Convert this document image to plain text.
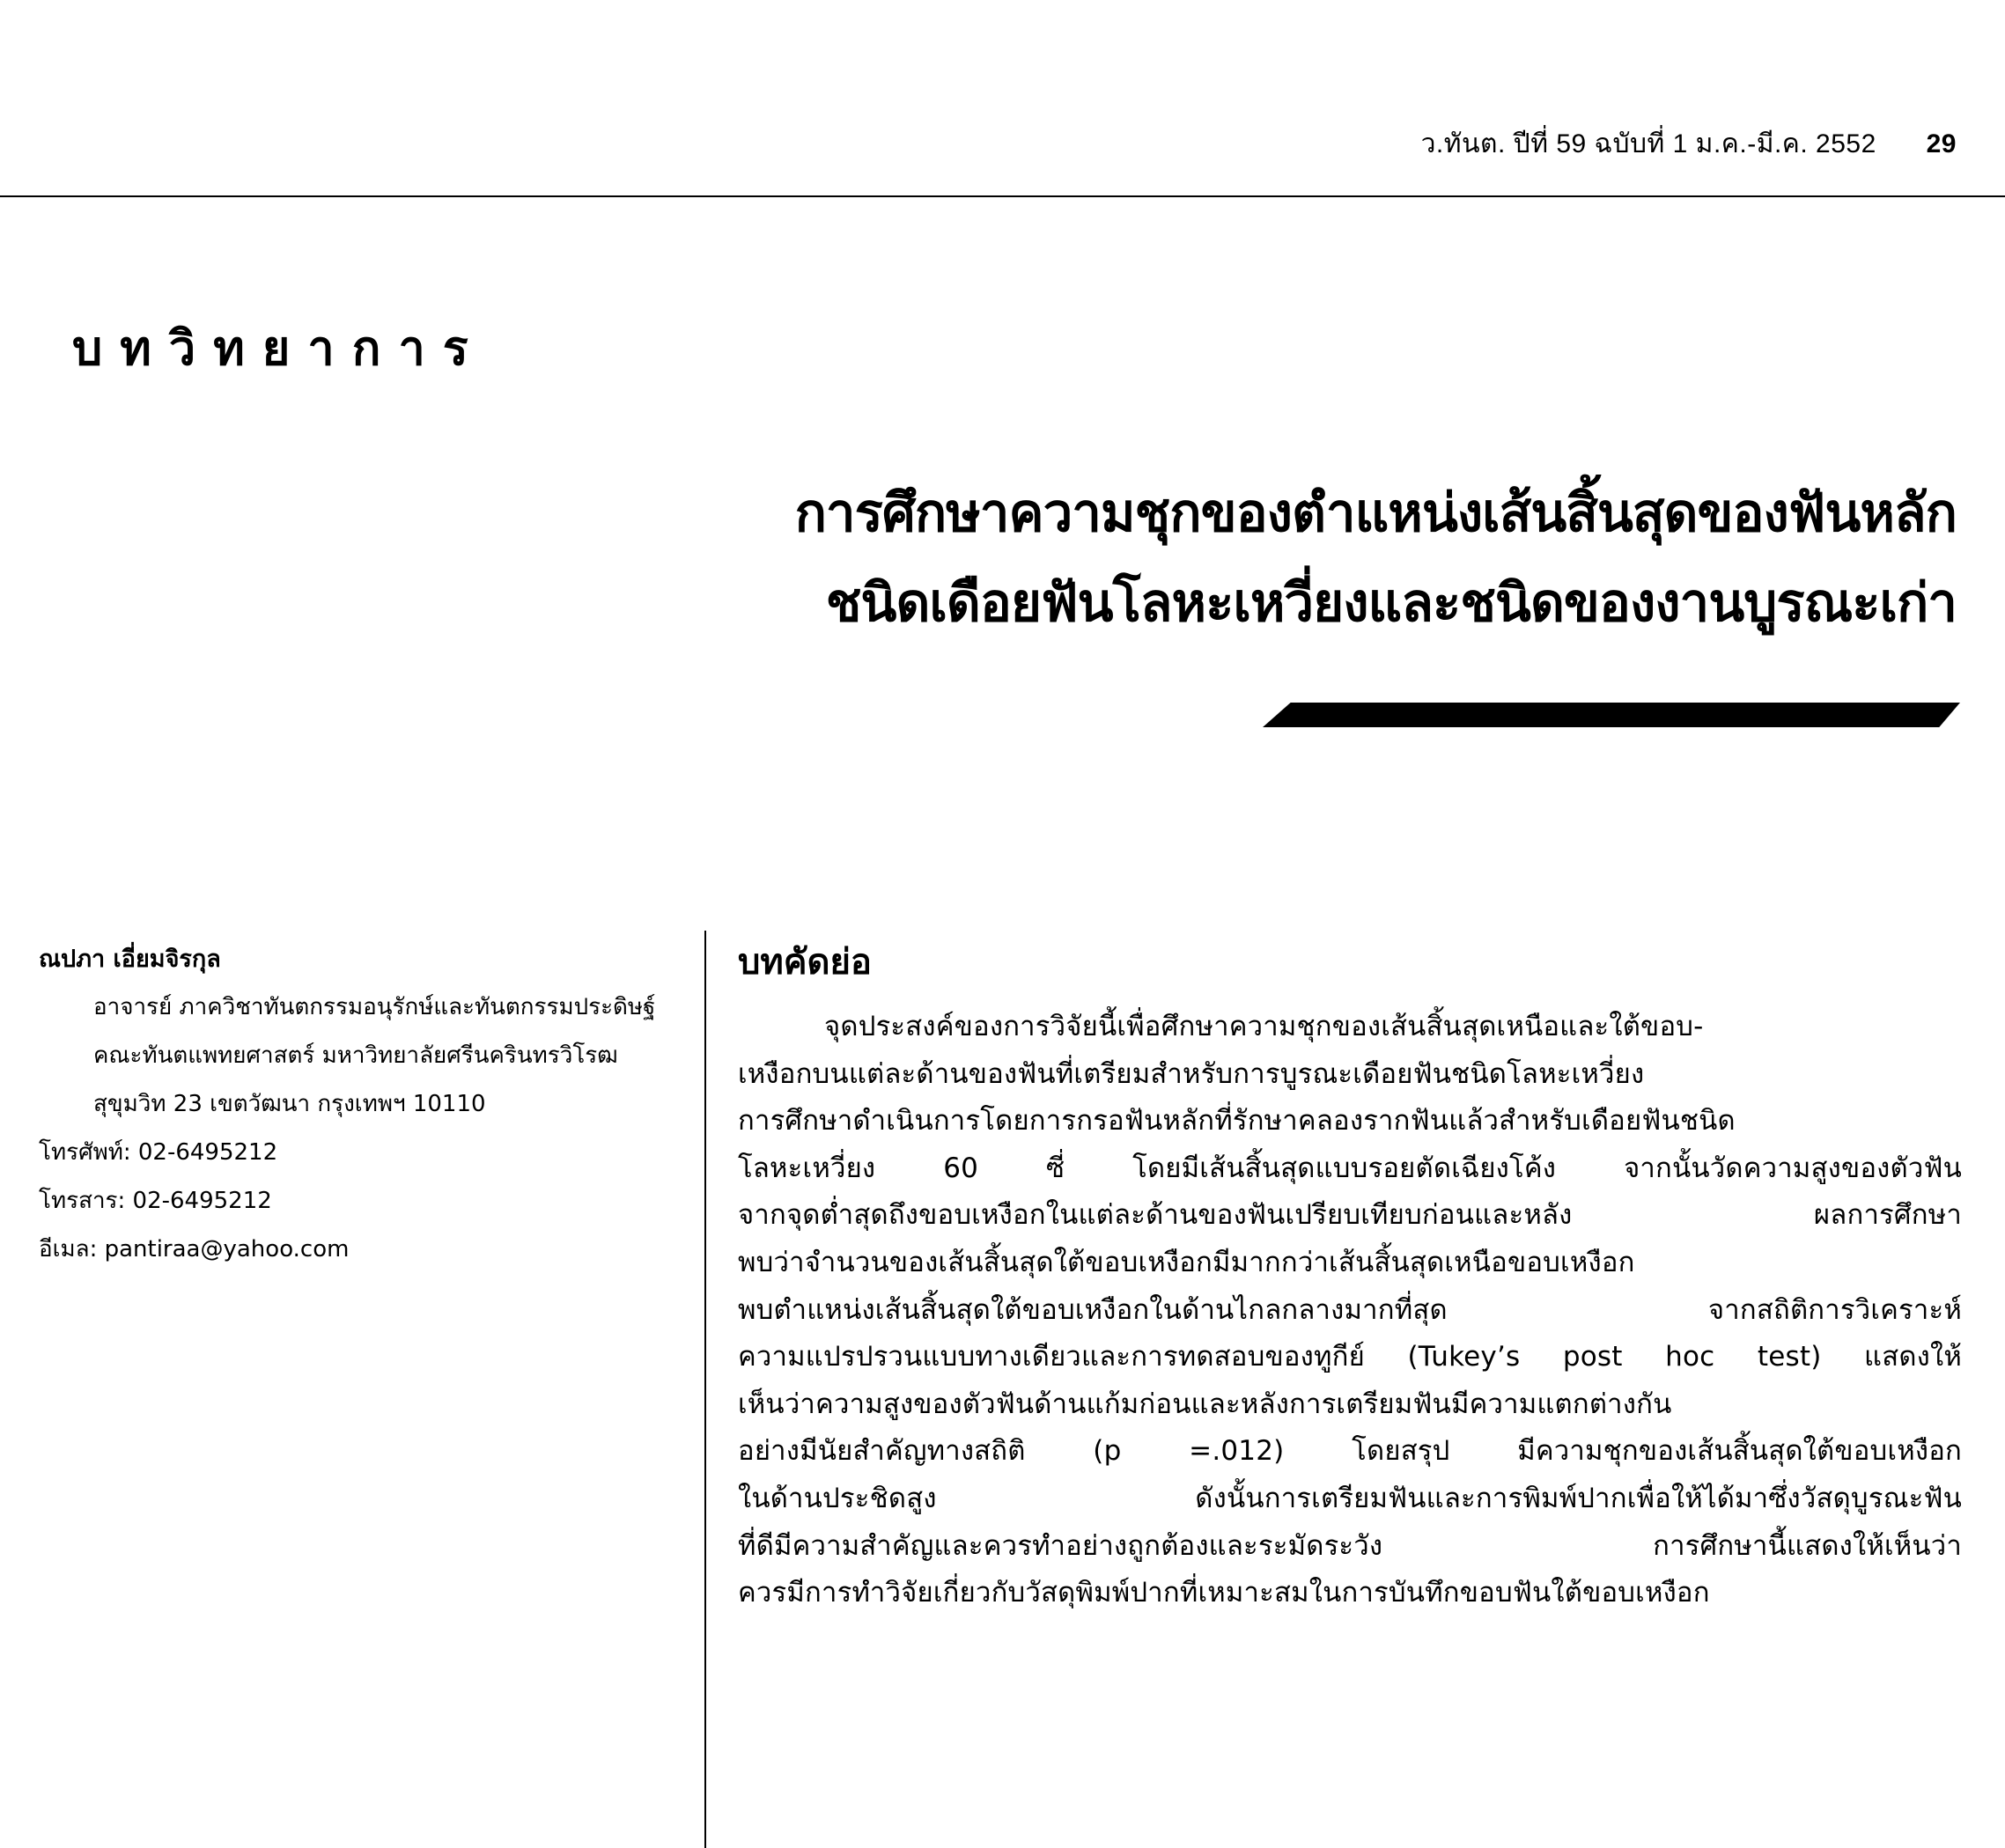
ว.ทันต. ปีที่ 59 ฉบับที่ 1 ม.ค.-มี.ค. 2552 29
บทวิทยาการ
การศึกษาความชุกของตำแหน่งเส้นสิ้นสุดของฟันหลัก
ชนิดเดือยฟันโลหะเหวี่ยงและชนิดของงานบูรณะเก่า
ณปภา เอี่ยมจิรกุล
อาจารย์ ภาควิชาทันตกรรมอนุรักษ์และทันตกรรมประดิษฐ์
คณะทันตแพทยศาสตร์ มหาวิทยาลัยศรีนครินทรวิโรฒ
สุขุมวิท 23 เขตวัฒนา กรุงเทพฯ 10110
โทรศัพท์: 02-6495212
โทรสาร: 02-6495212
อีเมล: pantiraa@yahoo.com
บทคัดย่อ
จุดประสงค์ของการวิจัยนี้เพื่อศึกษาความชุกของเส้นสิ้นสุดเหนือและใต้ขอบ-
เหงือกบนแต่ละด้านของฟันที่เตรียมสำหรับการบูรณะเดือยฟันชนิดโลหะเหวี่ยง
การศึกษาดำเนินการโดยการกรอฟันหลักที่รักษาคลองรากฟันแล้วสำหรับเดือยฟันชนิด
โลหะเหวี่ยง 60 ซี่ โดยมีเส้นสิ้นสุดแบบรอยตัดเฉียงโค้ง จากนั้นวัดความสูงของตัวฟัน
จากจุดต่ำสุดถึงขอบเหงือกในแต่ละด้านของฟันเปรียบเทียบก่อนและหลัง ผลการศึกษา
พบว่าจำนวนของเส้นสิ้นสุดใต้ขอบเหงือกมีมากกว่าเส้นสิ้นสุดเหนือขอบเหงือก
พบตำแหน่งเส้นสิ้นสุดใต้ขอบเหงือกในด้านไกลกลางมากที่สุด จากสถิติการวิเคราะห์
ความแปรปรวนแบบทางเดียวและการทดสอบของทูกีย์ (Tukey’s post hoc test) แสดงให้
เห็นว่าความสูงของตัวฟันด้านแก้มก่อนและหลังการเตรียมฟันมีความแตกต่างกัน
อย่างมีนัยสำคัญทางสถิติ (p =.012) โดยสรุป มีความชุกของเส้นสิ้นสุดใต้ขอบเหงือก
ในด้านประชิดสูง ดังนั้นการเตรียมฟันและการพิมพ์ปากเพื่อให้ได้มาซึ่งวัสดุบูรณะฟัน
ที่ดีมีความสำคัญและควรทำอย่างถูกต้องและระมัดระวัง การศึกษานี้แสดงให้เห็นว่า
ควรมีการทำวิจัยเกี่ยวกับวัสดุพิมพ์ปากที่เหมาะสมในการบันทึกขอบฟันใต้ขอบเหงือก
